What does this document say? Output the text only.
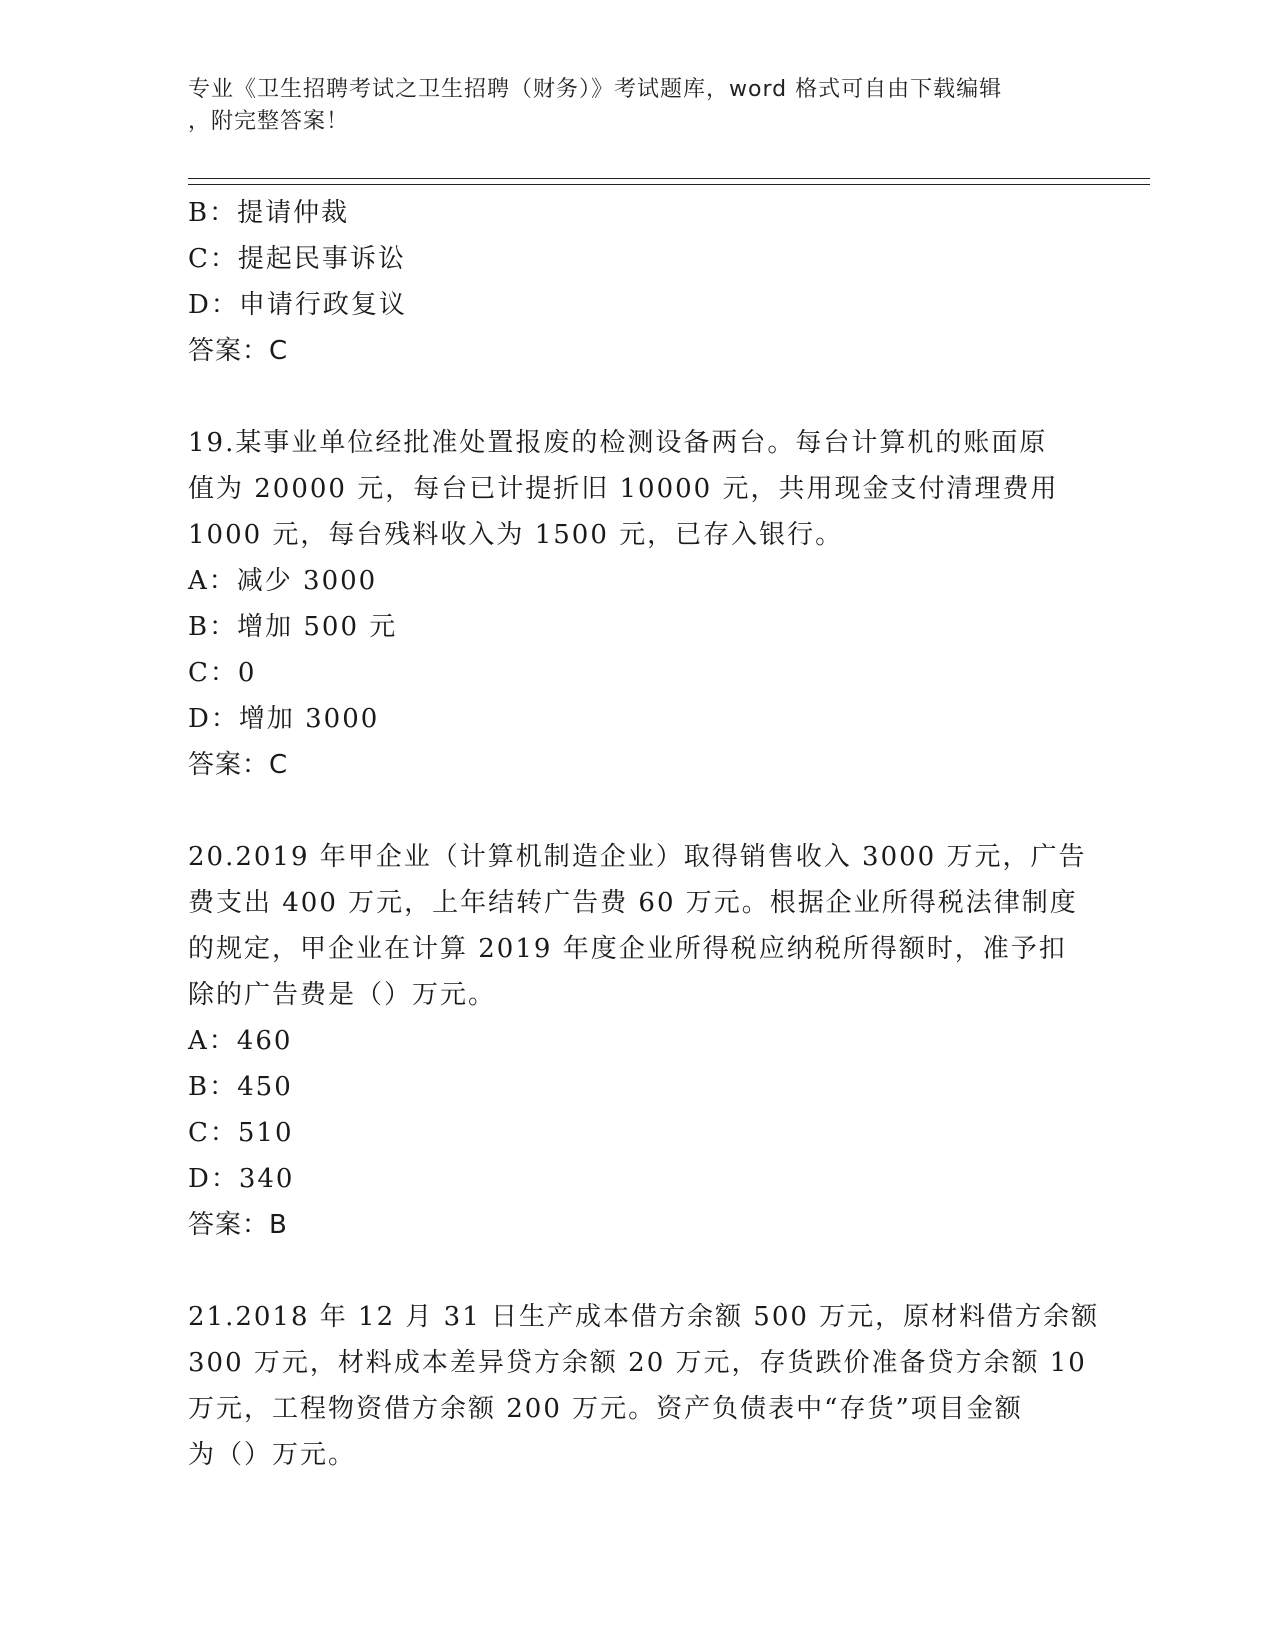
专业《卫生招聘考试之卫生招聘（财务）》考试题库，word 格式可自由下载编辑
，附完整答案！
B：提请仲裁
C：提起民事诉讼
D：申请行政复议
答案：C
19.某事业单位经批准处置报废的检测设备两台。每台计算机的账面原
值为 20000 元，每台已计提折旧 10000 元，共用现金支付清理费用
1000 元，每台残料收入为 1500 元，已存入银行。
A：减少 3000
B：增加 500 元
C：0
D：增加 3000
答案：C
20.2019 年甲企业（计算机制造企业）取得销售收入 3000 万元，广告
费支出 400 万元，上年结转广告费 60 万元。根据企业所得税法律制度
的规定，甲企业在计算 2019 年度企业所得税应纳税所得额时，准予扣
除的广告费是（）万元。
A：460
B：450
C：510
D：340
答案：B
21.2018 年 12 月 31 日生产成本借方余额 500 万元，原材料借方余额
300 万元，材料成本差异贷方余额 20 万元，存货跌价准备贷方余额 10
万元，工程物资借方余额 200 万元。资产负债表中“存货”项目金额
为（）万元。
